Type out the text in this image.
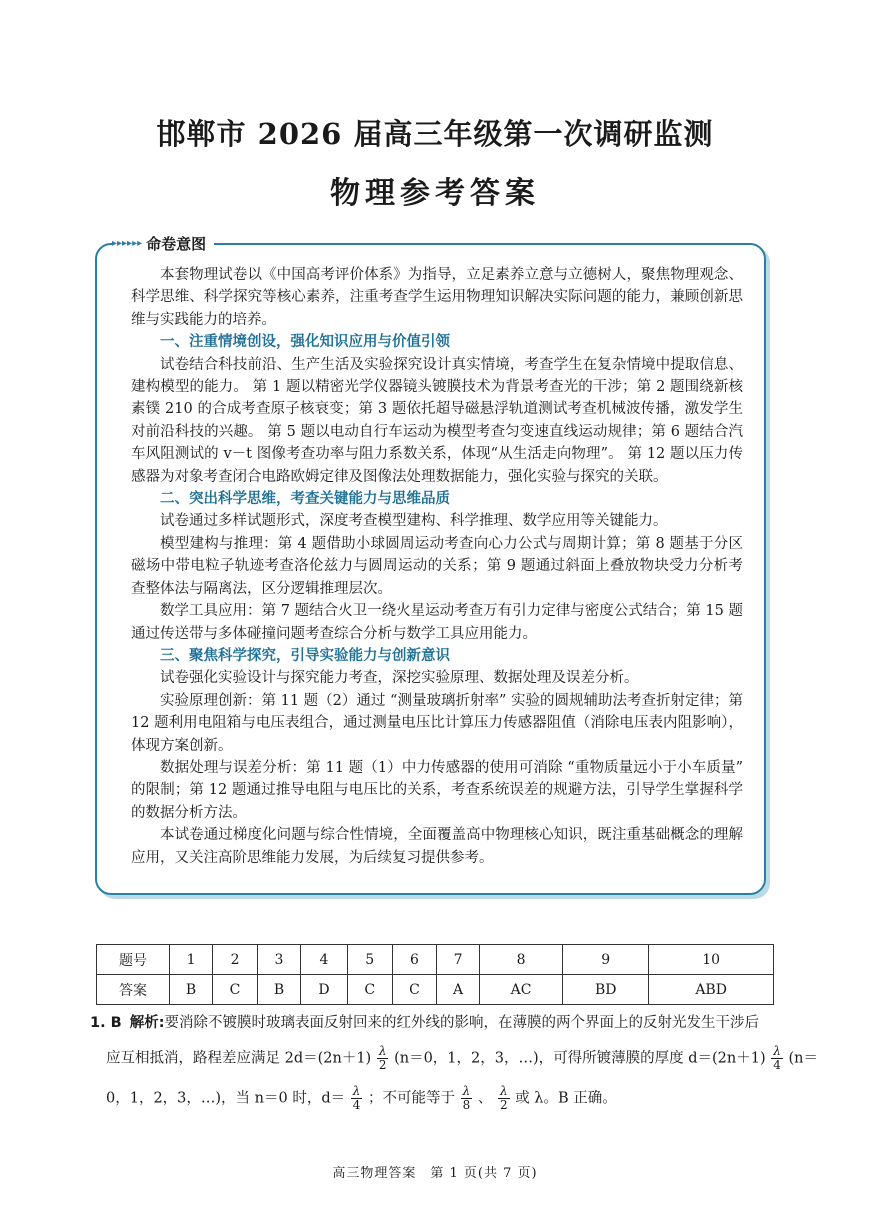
邯郸市 2026 届高三年级第一次调研监测
物理参考答案
▸▸▸▸▸▸ 命卷意图

本套物理试卷以《中国高考评价体系》为指导，立足素养立意与立德树人，聚焦物理观念、科学思维、科学探究等核心素养，注重考查学生运用物理知识解决实际问题的能力，兼顾创新思维与实践能力的培养。

一、注重情境创设，强化知识应用与价值引领

试卷结合科技前沿、生产生活及实验探究设计真实情境，考查学生在复杂情境中提取信息、建构模型的能力。 第 1 题以精密光学仪器镜头镀膜技术为背景考查光的干涉；第 2 题围绕新核素镤 210 的合成考查原子核衰变；第 3 题依托超导磁悬浮轨道测试考查机械波传播，激发学生对前沿科技的兴趣。 第 5 题以电动自行车运动为模型考查匀变速直线运动规律；第 6 题结合汽车风阻测试的 v－t 图像考查功率与阻力系数关系，体现“从生活走向物理”。 第 12 题以压力传感器为对象考查闭合电路欧姆定律及图像法处理数据能力，强化实验与探究的关联。

二、突出科学思维，考查关键能力与思维品质

试卷通过多样试题形式，深度考查模型建构、科学推理、数学应用等关键能力。

模型建构与推理：第 4 题借助小球圆周运动考查向心力公式与周期计算；第 8 题基于分区磁场中带电粒子轨迹考查洛伦兹力与圆周运动的关系；第 9 题通过斜面上叠放物块受力分析考查整体法与隔离法，区分逻辑推理层次。

数学工具应用：第 7 题结合火卫一绕火星运动考查万有引力定律与密度公式结合；第 15 题通过传送带与多体碰撞问题考查综合分析与数学工具应用能力。

三、聚焦科学探究，引导实验能力与创新意识

试卷强化实验设计与探究能力考查，深挖实验原理、数据处理及误差分析。

实验原理创新：第 11 题（2）通过 “测量玻璃折射率” 实验的圆规辅助法考查折射定律；第 12 题利用电阻箱与电压表组合，通过测量电压比计算压力传感器阻值（消除电压表内阻影响），体现方案创新。

数据处理与误差分析：第 11 题（1）中力传感器的使用可消除 “重物质量远小于小车质量” 的限制；第 12 题通过推导电阻与电压比的关系，考查系统误差的规避方法，引导学生掌握科学的数据分析方法。

本试卷通过梯度化问题与综合性情境，全面覆盖高中物理核心知识，既注重基础概念的理解应用，又关注高阶思维能力发展，为后续复习提供参考。

题号	1	2	3	4	5	6	7	8	9	10
答案	B	C	B	D	C	C	A	AC	BD	ABD
1. B 解析:要消除不镀膜时玻璃表面反射回来的红外线的影响，在薄膜的两个界面上的反射光发生干涉后
应互相抵消，路程差应满足 $2d=(2n+1) \frac{\lambda}{2} (n=0$，1，2，3，…)，可得所镀薄膜的厚度 $d=(2n+1) \frac{\lambda}{4} (n=$
0，1，2，3，…)，当 n＝0 时，$d= \frac{\lambda}{4}$ ；不可能等于 $\frac{\lambda}{8}$ 、 $\frac{\lambda}{2}$ 或 λ。B 正确。
高三物理答案　第 1 页(共 7 页)
